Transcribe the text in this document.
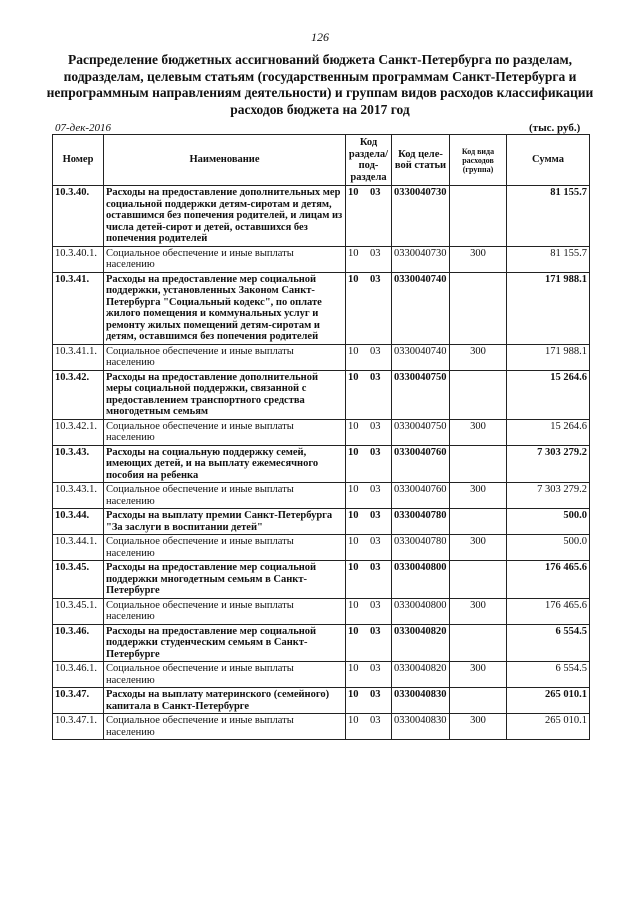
126
Распределение бюджетных ассигнований бюджета Санкт-Петербурга по разделам, подразделам, целевым статьям (государственным программам Санкт-Петербурга и непрограммным направлениям деятельности) и группам видов расходов классификации расходов бюджета на 2017 год
07-дек-2016	(тыс. руб.)
Номер	Наименование	Код раздела/ под-раздела	Код целе-вой статьи	Код вида расходов (группа)	Сумма
10.3.40.	Расходы на предоставление дополнительных мер социальной поддержки детям-сиротам и детям, оставшимся без попечения родителей, и лицам из числа детей-сирот и детей, оставшихся без попечения родителей	10 03	0330040730		81 155.7
10.3.40.1.	Социальное обеспечение и иные выплаты населению	10 03	0330040730	300	81 155.7
10.3.41.	Расходы на предоставление мер социальной поддержки, установленных Законом Санкт-Петербурга "Социальный кодекс", по оплате жилого помещения и коммунальных услуг и ремонту жилых помещений детям-сиротам и детям, оставшимся без попечения родителей	10 03	0330040740		171 988.1
10.3.41.1.	Социальное обеспечение и иные выплаты населению	10 03	0330040740	300	171 988.1
10.3.42.	Расходы на предоставление дополнительной меры социальной поддержки, связанной с предоставлением транспортного средства многодетным семьям	10 03	0330040750		15 264.6
10.3.42.1.	Социальное обеспечение и иные выплаты населению	10 03	0330040750	300	15 264.6
10.3.43.	Расходы на социальную поддержку семей, имеющих детей, и на выплату ежемесячного пособия на ребенка	10 03	0330040760		7 303 279.2
10.3.43.1.	Социальное обеспечение и иные выплаты населению	10 03	0330040760	300	7 303 279.2
10.3.44.	Расходы на выплату премии Санкт-Петербурга "За заслуги в воспитании детей"	10 03	0330040780		500.0
10.3.44.1.	Социальное обеспечение и иные выплаты населению	10 03	0330040780	300	500.0
10.3.45.	Расходы на предоставление мер социальной поддержки многодетным семьям в Санкт-Петербурге	10 03	0330040800		176 465.6
10.3.45.1.	Социальное обеспечение и иные выплаты населению	10 03	0330040800	300	176 465.6
10.3.46.	Расходы на предоставление мер социальной поддержки студенческим семьям в Санкт-Петербурге	10 03	0330040820		6 554.5
10.3.46.1.	Социальное обеспечение и иные выплаты населению	10 03	0330040820	300	6 554.5
10.3.47.	Расходы на выплату материнского (семейного) капитала в Санкт-Петербурге	10 03	0330040830		265 010.1
10.3.47.1.	Социальное обеспечение и иные выплаты населению	10 03	0330040830	300	265 010.1
